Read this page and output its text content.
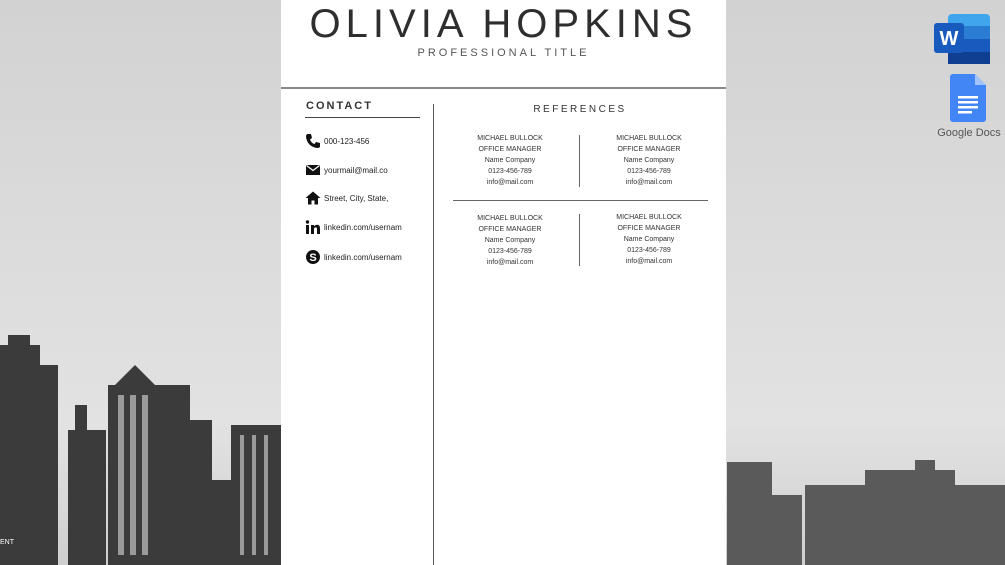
ENT
OLIVIA HOPKINS
PROFESSIONAL TITLE
CONTACT
000-123-456
yourmail@mail.co
Street, City, State,
linkedin.com/usernam
S linkedin.com/usernam
REFERENCES
MICHAEL BULLOCK
OFFICE MANAGER
Name Company
0123-456-789
info@mail.com
MICHAEL BULLOCK
OFFICE MANAGER
Name Company
0123-456-789
info@mail.com
MICHAEL BULLOCK
OFFICE MANAGER
Name Company
0123-456-789
info@mail.com
MICHAEL BULLOCK
OFFICE MANAGER
Name Company
0123-456-789
info@mail.com
W
Google Docs
